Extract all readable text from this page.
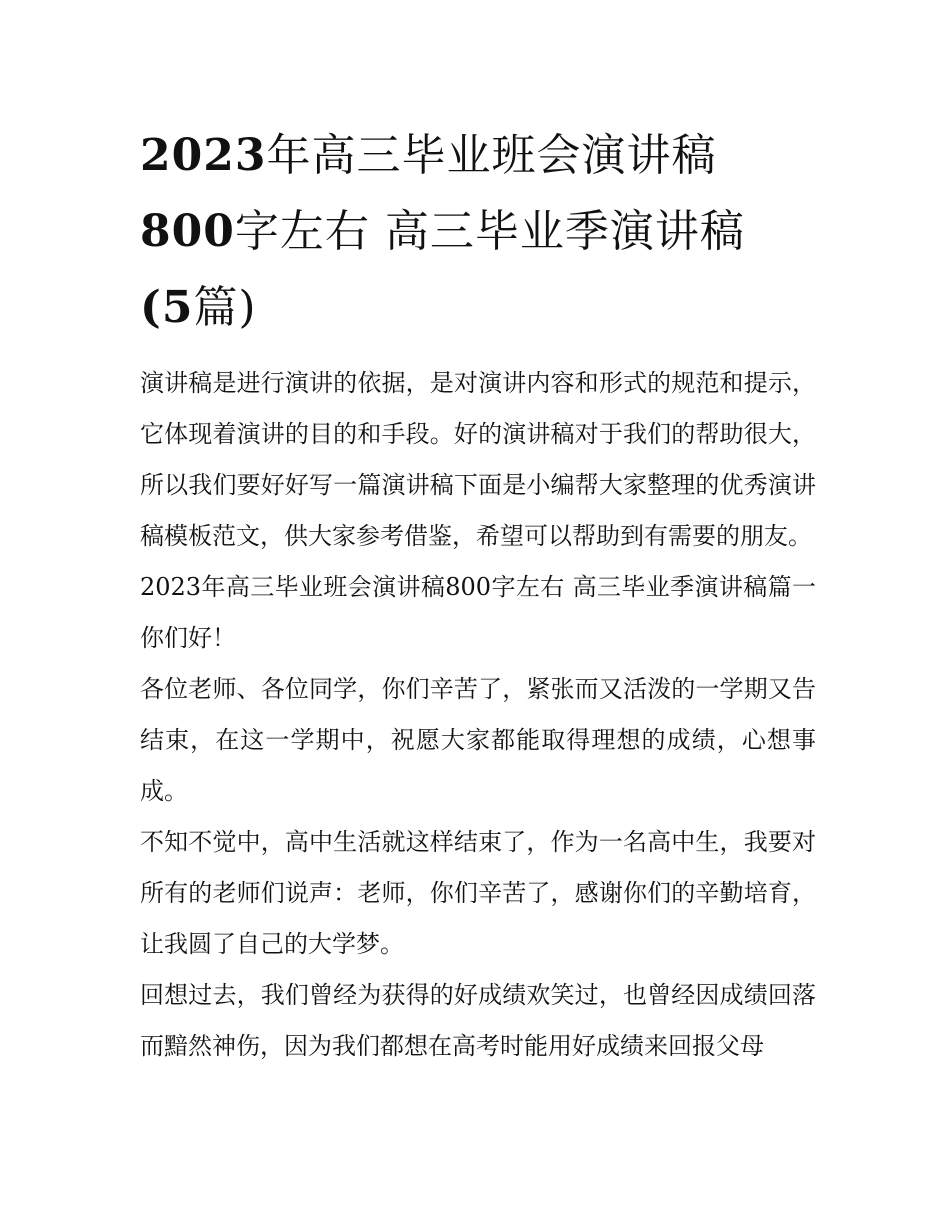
2023年高三毕业班会演讲稿
800字左右 高三毕业季演讲稿
(5篇)

演讲稿是进行演讲的依据，是对演讲内容和形式的规范和提示，它体现着演讲的目的和手段。好的演讲稿对于我们的帮助很大，所以我们要好好写一篇演讲稿下面是小编帮大家整理的优秀演讲稿模板范文，供大家参考借鉴，希望可以帮助到有需要的朋友。

2023年高三毕业班会演讲稿800字左右 高三毕业季演讲稿篇一 你们好！

各位老师、各位同学，你们辛苦了，紧张而又活泼的一学期又告结束，在这一学期中，祝愿大家都能取得理想的成绩，心想事成。

不知不觉中，高中生活就这样结束了，作为一名高中生，我要对所有的老师们说声：老师，你们辛苦了，感谢你们的辛勤培育，让我圆了自己的大学梦。

回想过去，我们曾经为获得的好成绩欢笑过，也曾经因成绩回落而黯然神伤，因为我们都想在高考时能用好成绩来回报父母
